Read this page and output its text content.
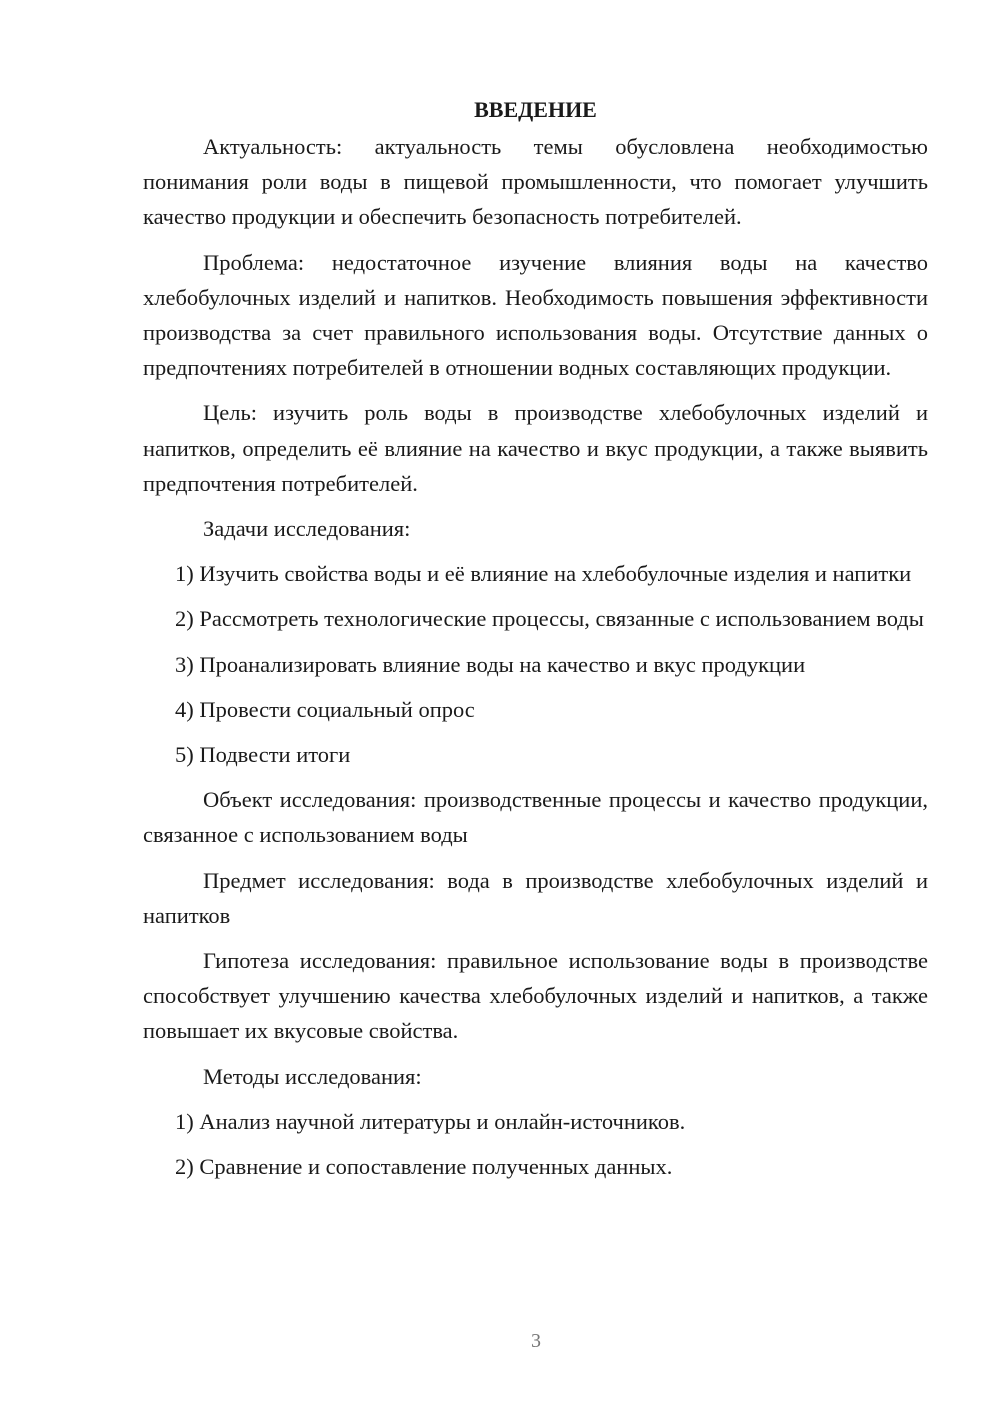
ВВЕДЕНИЕ

Актуальность: актуальность темы обусловлена необходимостью понимания роли воды в пищевой промышленности, что помогает улучшить качество продукции и обеспечить безопасность потребителей.

Проблема: недостаточное изучение влияния воды на качество хлебобулочных изделий и напитков. Необходимость повышения эффективности производства за счет правильного использования воды. Отсутствие данных о предпочтениях потребителей в отношении водных составляющих продукции.

Цель: изучить роль воды в производстве хлебобулочных изделий и напитков, определить её влияние на качество и вкус продукции, а также выявить предпочтения потребителей.

Задачи исследования:

1) Изучить свойства воды и её влияние на хлебобулочные изделия и напитки

2) Рассмотреть технологические процессы, связанные с использованием воды

3) Проанализировать влияние воды на качество и вкус продукции

4) Провести социальный опрос

5) Подвести итоги

Объект исследования: производственные процессы и качество продукции, связанное с использованием воды

Предмет исследования: вода в производстве хлебобулочных изделий и напитков

Гипотеза исследования: правильное использование воды в производстве способствует улучшению качества хлебобулочных изделий и напитков, а также повышает их вкусовые свойства.

Методы исследования:

1) Анализ научной литературы и онлайн-источников.

2) Сравнение и сопоставление полученных данных.

3
